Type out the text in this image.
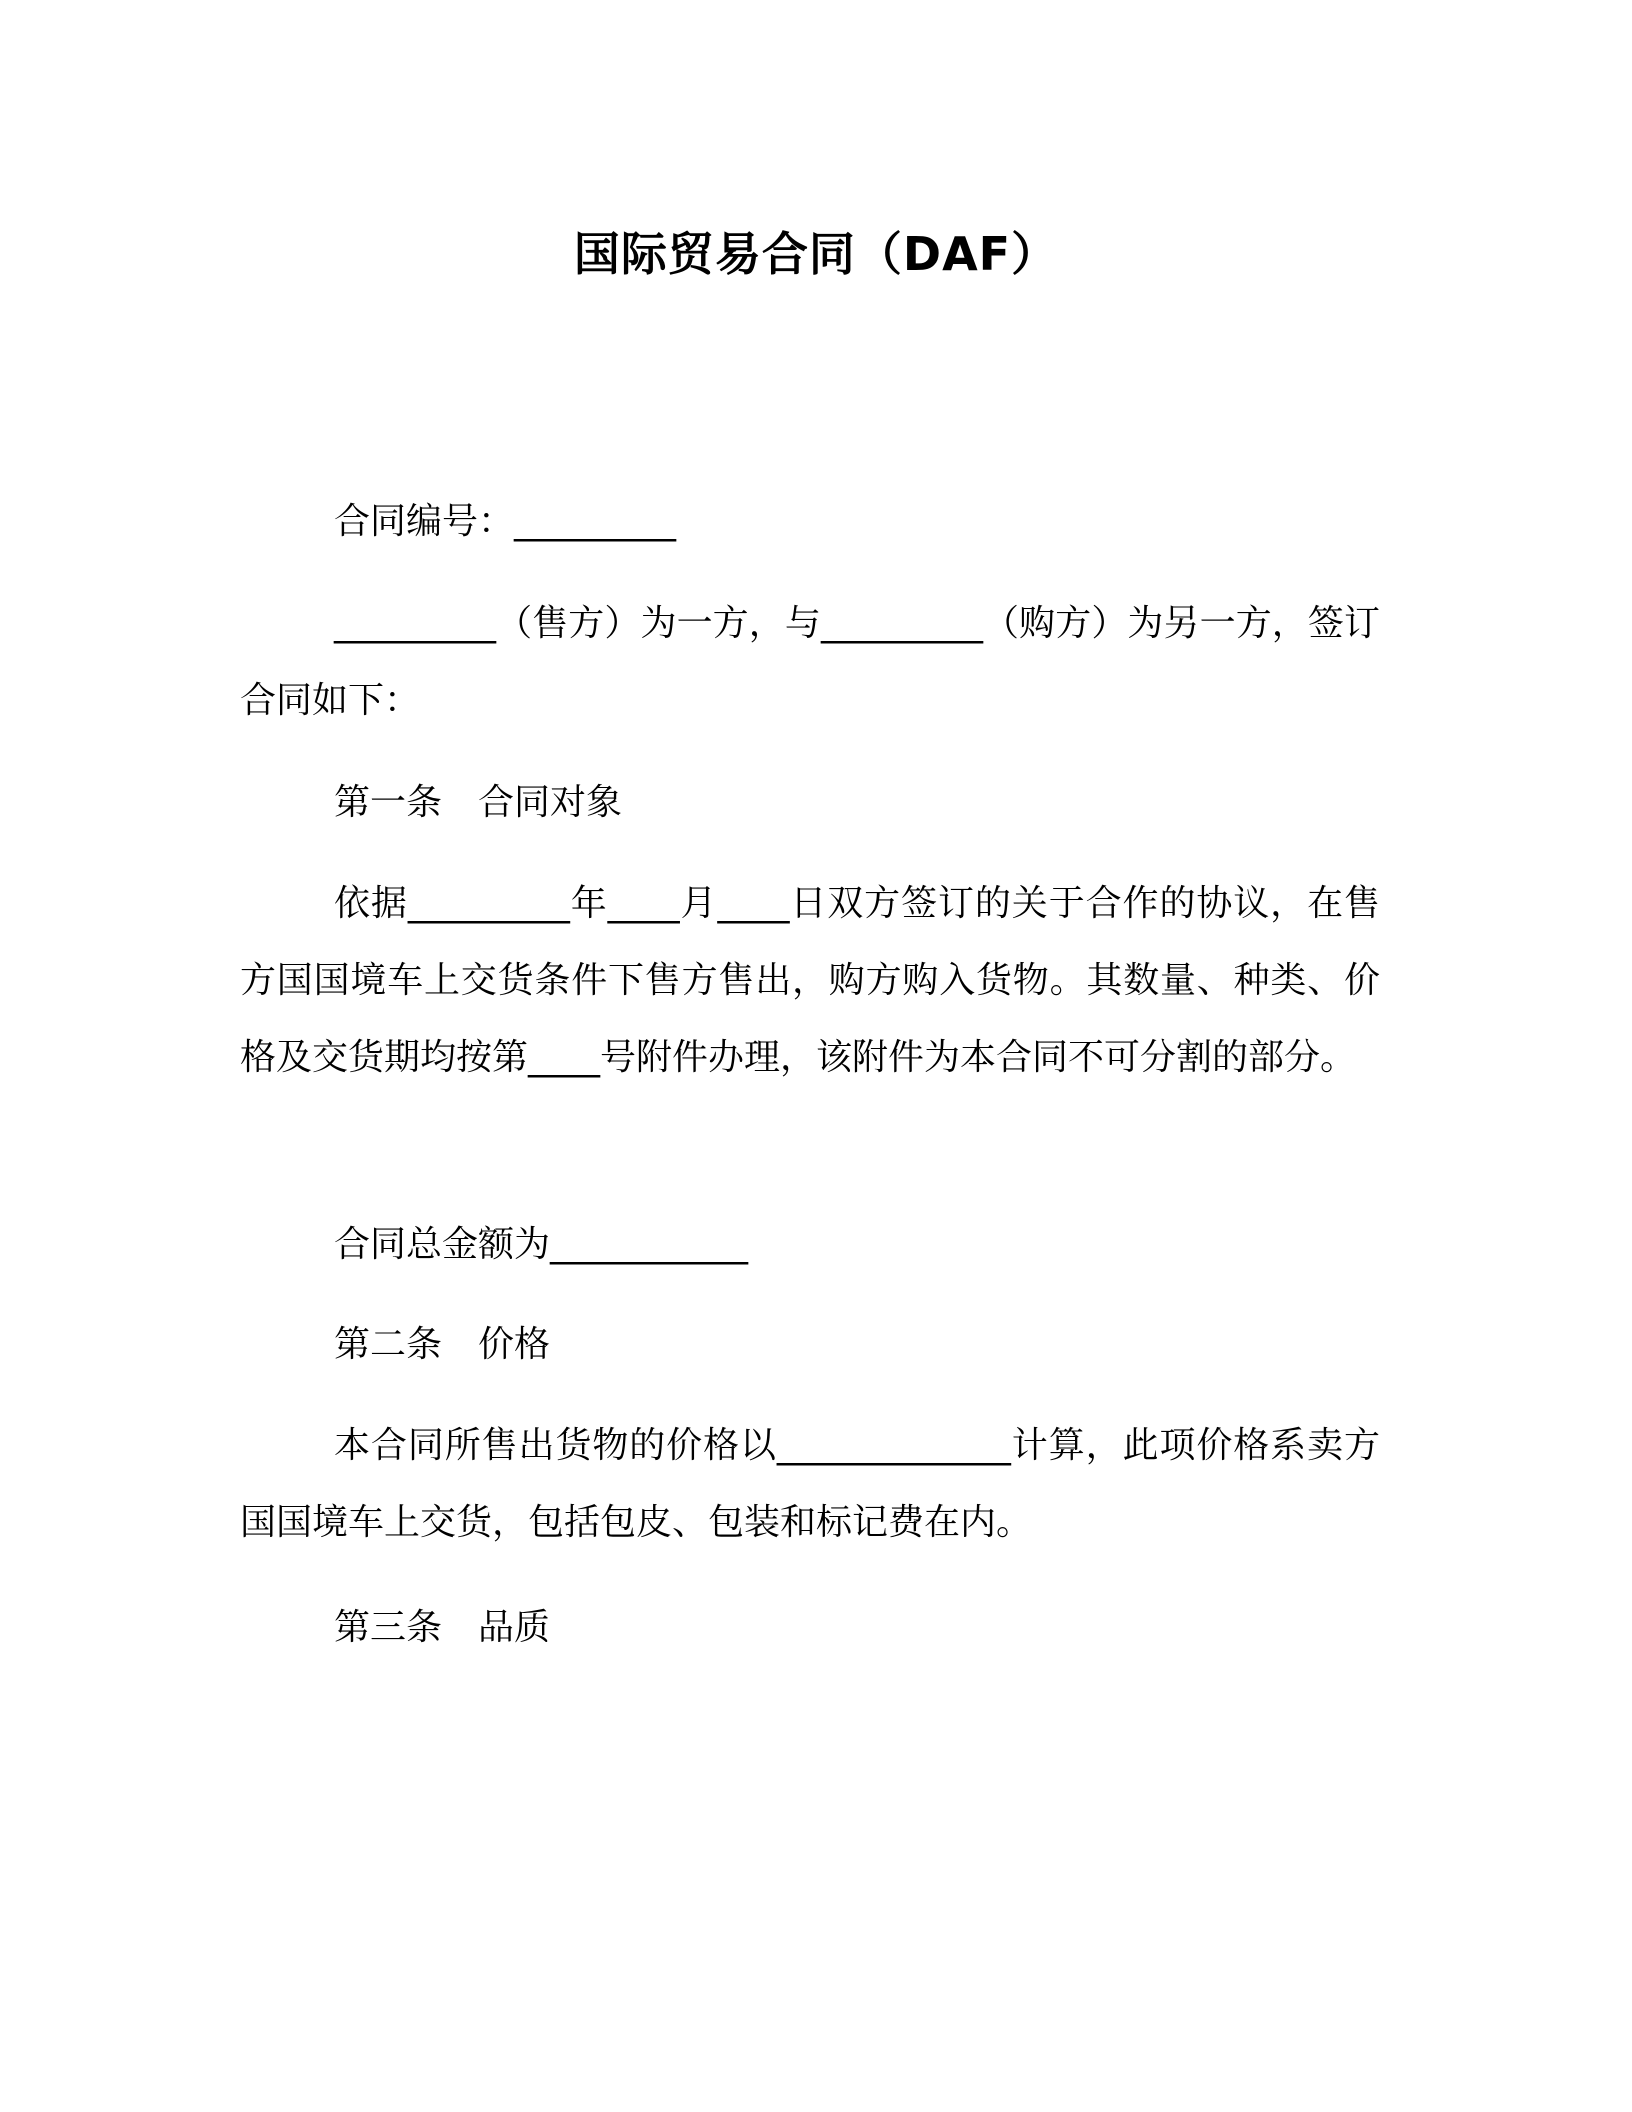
国际贸易合同（DAF）
合同编号：_________
_________（售方）为一方，与_________（购方）为另一方，签订合同如下：
第一条　合同对象
依据_________年____月____日双方签订的关于合作的协议，在售方国国境车上交货条件下售方售出，购方购入货物。其数量、种类、价格及交货期均按第____号附件办理，该附件为本合同不可分割的部分。
合同总金额为___________
第二条　价格
本合同所售出货物的价格以_____________计算，此项价格系卖方国国境车上交货，包括包皮、包装和标记费在内。
第三条　品质
